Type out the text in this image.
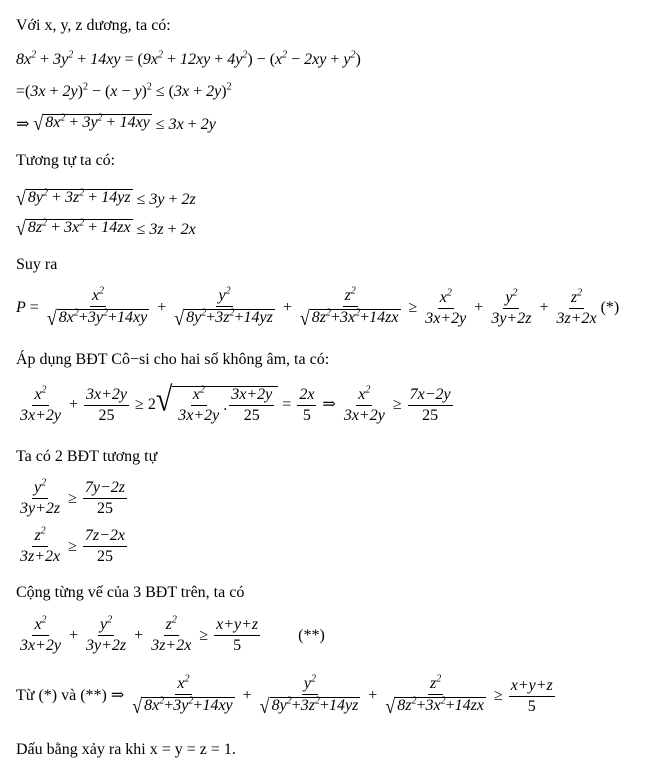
Với x, y, z dương, ta có:
$8x^2 + 3y^2 + 14xy = (9x^2 + 12xy + 4y^2) - (x^2 - 2xy + y^2)$
$=(3x + 2y)^2 - (x - y)^2 \le (3x + 2y)^2$
⇒ √ $8x^2 + 3y^2 + 14xy \le 3x + 2y$
Tương tự ta có:
√ $8y^2 + 3z^2 + 14yz \le 3y + 2z$
√ $8z^2 + 3x^2 + 14zx \le 3z + 2x$
Suy ra
$P = \frac{x^2}{√ 8x^2+3y^2+14xy} + \frac{y^2}{√ 8y^2+3z^2+14yz} + \frac{z^2}{√ 8z^2+3x^2+14zx} \ge \frac{x^2}{3x+2y} + \frac{y^2}{3y+2z} + \frac{z^2}{3z+2x}$ (*)
Áp dụng BĐT Cô−si cho hai số không âm, ta có:
$x^2$
3x+2y
+ $\frac{3x+2y}{25} \ge 2$ √ $x^2$
3x+2y
.
3x+2y
25
= $\frac{2x}{5}$ ⇒ $\frac{x^2}{3x+2y} \ge \frac{7x-2y}{25}$
Ta có 2 BĐT tương tự
$\frac{y^2}{3y+2z} \ge \frac{7y-2z}{25}$
$\frac{z^2}{3z+2x} \ge \frac{7z-2x}{25}$
Cộng từng vế của 3 BĐT trên, ta có
$x^2$
3x+2y
+ $\frac{y^2}{3y+2z} + \frac{z^2}{3z+2x} \ge \frac{x+y+z}{5}$ (**)
Từ (*) và (**) ⇒
$x^2$
√ $8x^2+3y^2+14xy$
+ $\frac{y^2}{√ 8y^2+3z^2+14yz} + \frac{z^2}{√ 8z^2+3x^2+14zx} \ge \frac{x+y+z}{5}$
Dấu bằng xảy ra khi x = y = z = 1.
